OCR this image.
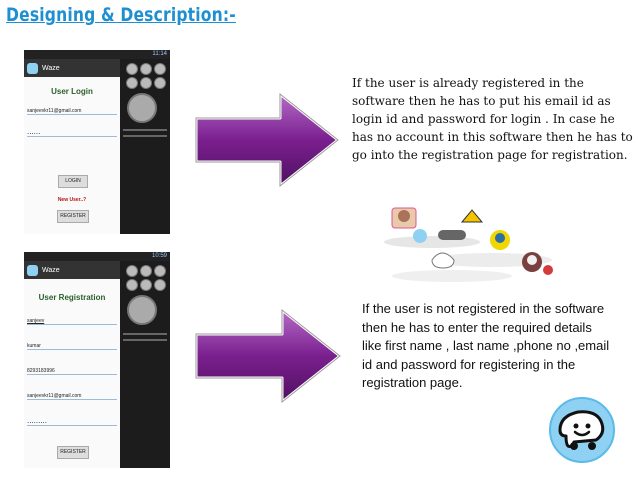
Designing & Description:-
11:14
Waze
User Login
sanjeevkr11@gmail.com
......
LOGIN
New User..?
REGISTER
10:59
Waze
User Registration
sanjeev
kumar
8293183996
sanjeevkr11@gmail.com
.........
REGISTER
If the user is already registered in the software then he has to put his email id as login id and password for login . In case he has no account in this software then he has to go into the registration page for registration.
If the user is not registered in the software then he has to enter the required details like first name , last name ,phone no ,email id and password for registering in the registration page.
